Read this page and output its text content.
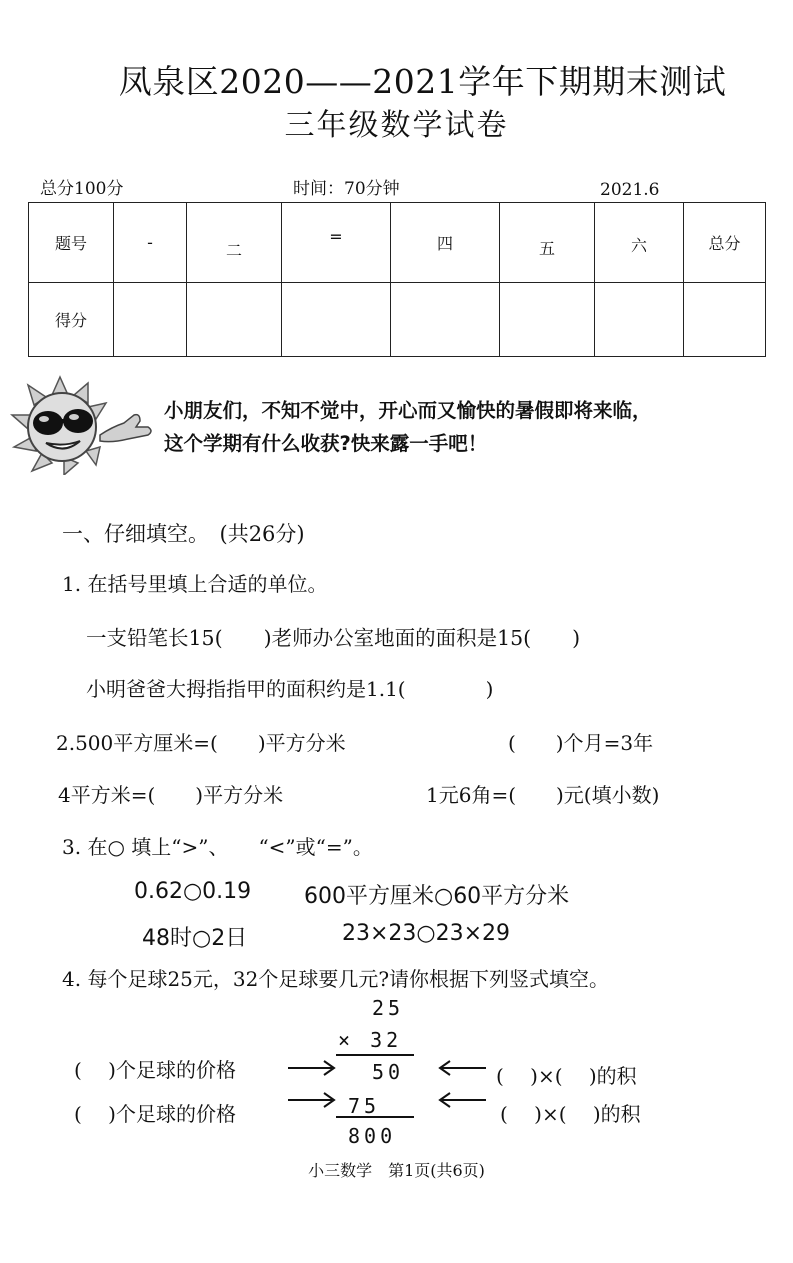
凤泉区2020——2021学年下期期末测试
三年级数学试卷
总分100分	时间：70分钟	2021.6
题号	-	二	=	四	五	六	总分
得分							
小朋友们，不知不觉中，开心而又愉快的暑假即将来临，
这个学期有什么收获?快来露一手吧！
一、仔细填空。　(共26分)
1. 在括号里填上合适的单位。
一支铅笔长15(　　)老师办公室地面的面积是15(　　)
小明爸爸大拇指指甲的面积约是1.1(　　　　)
2.500平方厘米=(　　)平方分米	(　　)个月=3年
4平方米=(　　)平方分米	1元6角=(　　)元(填小数)
3. 在○ 填上“>”、　　“<”或“=”。
0.62○0.19 600平方厘米○60平方分米
48时○2日	23×23○23×29
4. 每个足球25元，32个足球要几元?请你根据下列竖式填空。
25
× 32
50
75
800
(　 )个足球的价格
(　 )个足球的价格
(　 )×(　 )的积
(　 )×(　 )的积
小三数学　第1页(共6页)
